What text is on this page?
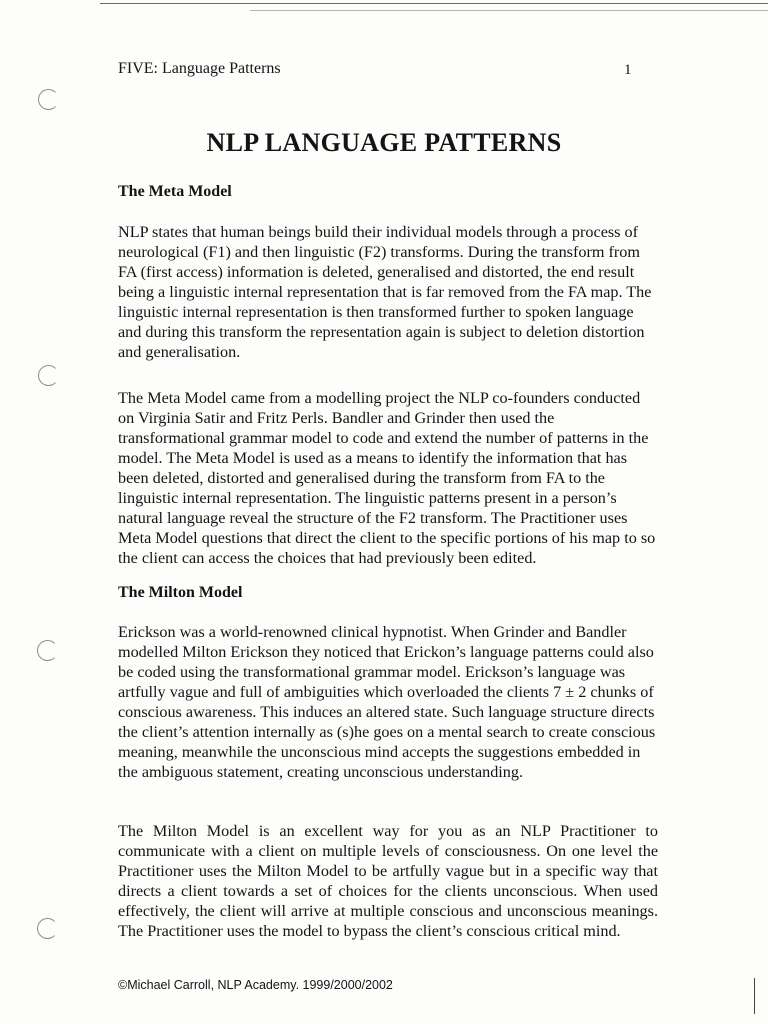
FIVE: Language Patterns	1
NLP LANGUAGE PATTERNS
The Meta Model

NLP states that human beings build their individual models through a process of neurological (F1) and then linguistic (F2) transforms. During the transform from FA (first access) information is deleted, generalised and distorted, the end result being a linguistic internal representation that is far removed from the FA map. The linguistic internal representation is then transformed further to spoken language and during this transform the representation again is subject to deletion distortion and generalisation.

The Meta Model came from a modelling project the NLP co-founders conducted on Virginia Satir and Fritz Perls. Bandler and Grinder then used the transformational grammar model to code and extend the number of patterns in the model. The Meta Model is used as a means to identify the information that has been deleted, distorted and generalised during the transform from FA to the linguistic internal representation. The linguistic patterns present in a person’s natural language reveal the structure of the F2 transform. The Practitioner uses Meta Model questions that direct the client to the specific portions of his map to so the client can access the choices that had previously been edited.

The Milton Model

Erickson was a world-renowned clinical hypnotist. When Grinder and Bandler modelled Milton Erickson they noticed that Erickon’s language patterns could also be coded using the transformational grammar model. Erickson’s language was artfully vague and full of ambiguities which overloaded the clients 7 ± 2 chunks of conscious awareness. This induces an altered state. Such language structure directs the client’s attention internally as (s)he goes on a mental search to create conscious meaning, meanwhile the unconscious mind accepts the suggestions embedded in the ambiguous statement, creating unconscious understanding.

The Milton Model is an excellent way for you as an NLP Practitioner to communicate with a client on multiple levels of consciousness. On one level the Practitioner uses the Milton Model to be artfully vague but in a specific way that directs a client towards a set of choices for the clients unconscious. When used effectively, the client will arrive at multiple conscious and unconscious meanings. The Practitioner uses the model to bypass the client’s conscious critical mind.

©Michael Carroll, NLP Academy. 1999/2000/2002
